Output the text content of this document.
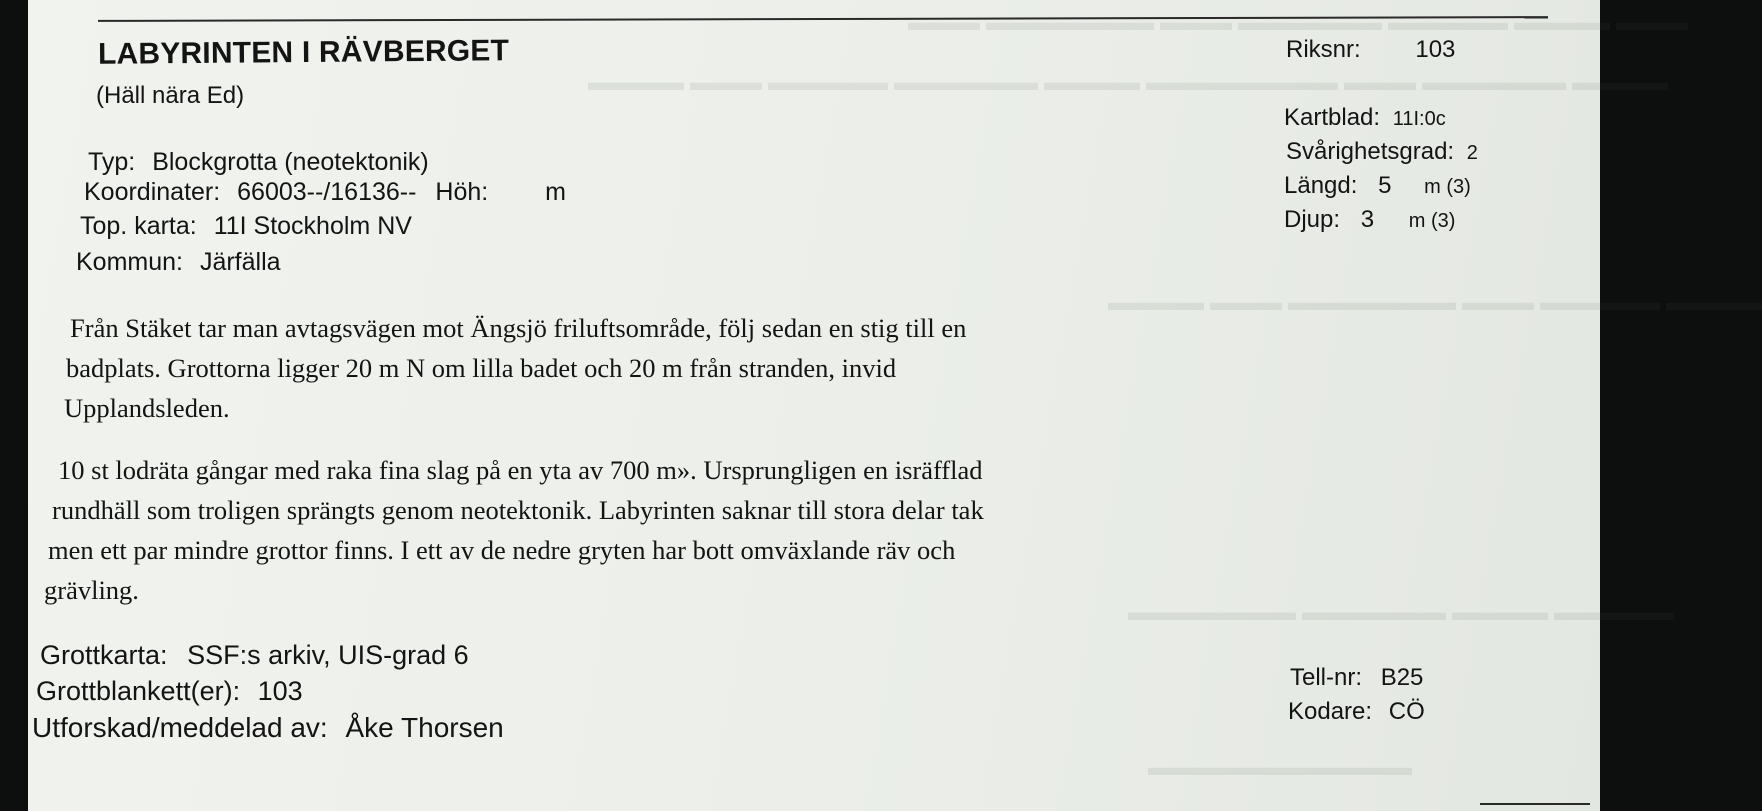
▬▬▬ ▬▬▬▬ ▬▬▬▬▬ ▬▬▬▬▬▬ ▬▬▬ ▬▬▬▬▬▬▬ ▬▬▬
▬▬▬▬ ▬▬▬▬▬▬ ▬▬▬ ▬▬▬▬▬▬▬▬ ▬▬▬▬ ▬▬▬▬▬▬ ▬▬▬▬▬ ▬▬▬ ▬▬▬▬
▬▬▬▬ ▬▬▬▬▬ ▬▬▬ ▬▬▬▬▬▬▬ ▬▬▬ ▬▬▬▬
▬▬▬▬▬ ▬▬▬▬ ▬▬▬▬▬▬ ▬▬▬▬▬▬▬
▬▬▬▬▬▬▬▬▬▬▬
LABYRINTEN I RÄVBERGET
(Häll nära Ed)
Typ: Blockgrotta (neotektonik)
Koordinater: 66003--/16136-- Höh: m
Top. karta: 11I Stockholm NV
Kommun: Järfälla
Riksnr: 103
Kartblad: 11I:0c
Svårighetsgrad: 2
Längd: 5 m (3)
Djup: 3 m (3)
Från Stäket tar man avtagsvägen mot Ängsjö friluftsområde, följ sedan en stig till en
badplats. Grottorna ligger 20 m N om lilla badet och 20 m från stranden, invid
Upplandsleden.
10 st lodräta gångar med raka fina slag på en yta av 700 m». Ursprungligen en isräfflad
rundhäll som troligen sprängts genom neotektonik. Labyrinten saknar till stora delar tak
men ett par mindre grottor finns. I ett av de nedre gryten har bott omväxlande räv och
grävling.
Grottkarta: SSF:s arkiv, UIS-grad 6
Grottblankett(er): 103
Utforskad/meddelad av: Åke Thorsen
Tell-nr: B25
Kodare: CÖ
